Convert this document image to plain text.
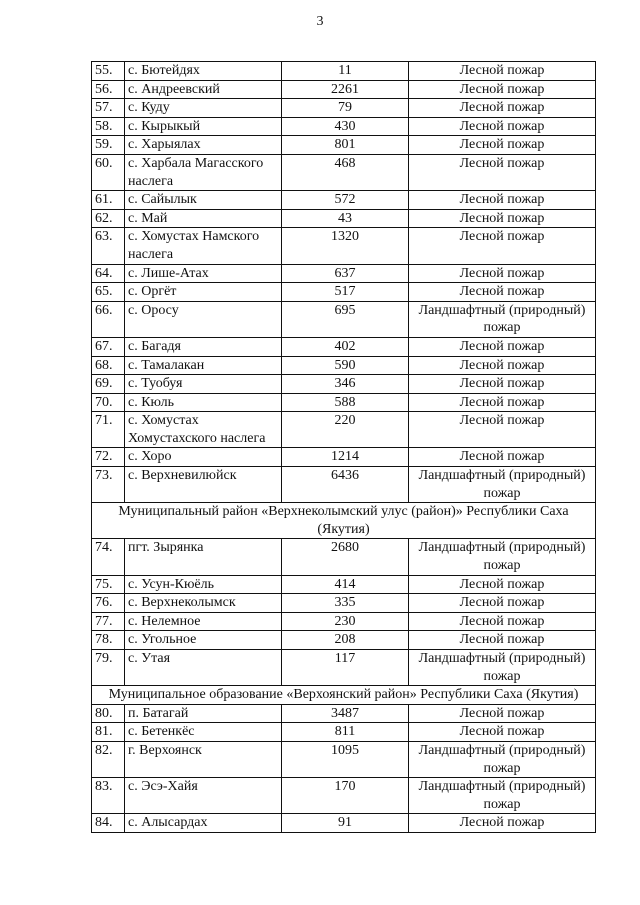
3
55.	с. Бютейдях	11	Лесной пожар
56.	с. Андреевский	2261	Лесной пожар
57.	с. Куду	79	Лесной пожар
58.	с. Кырыкый	430	Лесной пожар
59.	с. Харыялах	801	Лесной пожар
60.	с. Харбала Магасского наслега	468	Лесной пожар
61.	с. Сайылык	572	Лесной пожар
62.	с. Май	43	Лесной пожар
63.	с. Хомустах Намского наслега	1320	Лесной пожар
64.	с. Лише-Атах	637	Лесной пожар
65.	с. Оргёт	517	Лесной пожар
66.	с. Оросу	695	Ландшафтный (природный) пожар
67.	с. Багадя	402	Лесной пожар
68.	с. Тамалакан	590	Лесной пожар
69.	с. Туобуя	346	Лесной пожар
70.	с. Кюль	588	Лесной пожар
71.	с. Хомустах Хомустахского наслега	220	Лесной пожар
72.	с. Хоро	1214	Лесной пожар
73.	с. Верхневилюйск	6436	Ландшафтный (природный) пожар
Муниципальный район «Верхнеколымский улус (район)» Республики Саха (Якутия)			
74.	пгт. Зырянка	2680	Ландшафтный (природный) пожар
75.	с. Усун-Кюёль	414	Лесной пожар
76.	с. Верхнеколымск	335	Лесной пожар
77.	с. Нелемное	230	Лесной пожар
78.	с. Угольное	208	Лесной пожар
79.	с. Утая	117	Ландшафтный (природный) пожар
Муниципальное образование «Верхоянский район» Республики Саха (Якутия)			
80.	п. Батагай	3487	Лесной пожар
81.	с. Бетенкёс	811	Лесной пожар
82.	г. Верхоянск	1095	Ландшафтный (природный) пожар
83.	с. Эсэ-Хайя	170	Ландшафтный (природный) пожар
84.	с. Алысардах	91	Лесной пожар
